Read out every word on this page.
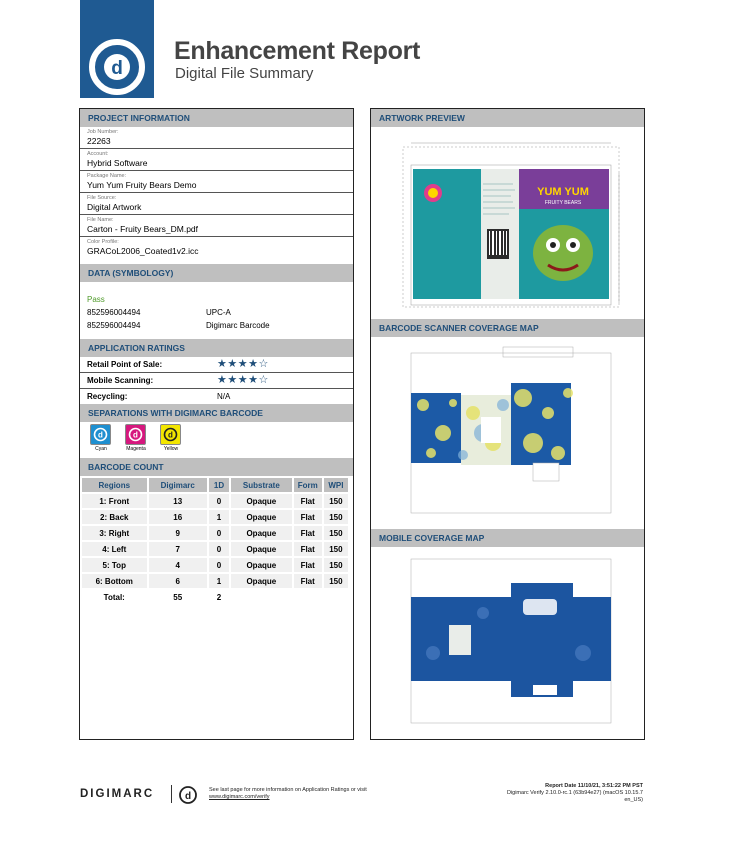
d
Enhancement Report
Digital File Summary
PROJECT INFORMATION
Job Number:
22263
Account:
Hybrid Software
Package Name:
Yum Yum Fruity Bears Demo
File Source:
Digital Artwork
File Name:
Carton - Fruity Bears_DM.pdf
Color Profile:
GRACoL2006_Coated1v2.icc
DATA (SYMBOLOGY)
Pass
852596004494	UPC-A
852596004494	Digimarc Barcode
APPLICATION RATINGS
Retail Point of Sale:	★★★★☆
Mobile Scanning:	★★★★☆
Recycling:	N/A
SEPARATIONS WITH DIGIMARC BARCODE
d
Cyan
d
Magenta
d
Yellow
BARCODE COUNT
Regions	Digimarc	1D	Substrate	Form	WPI
1: Front	13	0	Opaque	Flat	150
2: Back	16	1	Opaque	Flat	150
3: Right	9	0	Opaque	Flat	150
4: Left	7	0	Opaque	Flat	150
5: Top	4	0	Opaque	Flat	150
6: Bottom	6	1	Opaque	Flat	150
Total:	55	2			
ARTWORK PREVIEW
YUM YUM
FRUITY BEARS
BARCODE SCANNER COVERAGE MAP
MOBILE COVERAGE MAP
DIGIMARC	d
See last page for more information on Application Ratings or visit
www.digimarc.com/verify
Report Date 11/10/21, 3:51:22 PM PST
Digimarc Verify 2.10.0-rc.1 (63b94e27) (macOS 10.15.7
en_US)
